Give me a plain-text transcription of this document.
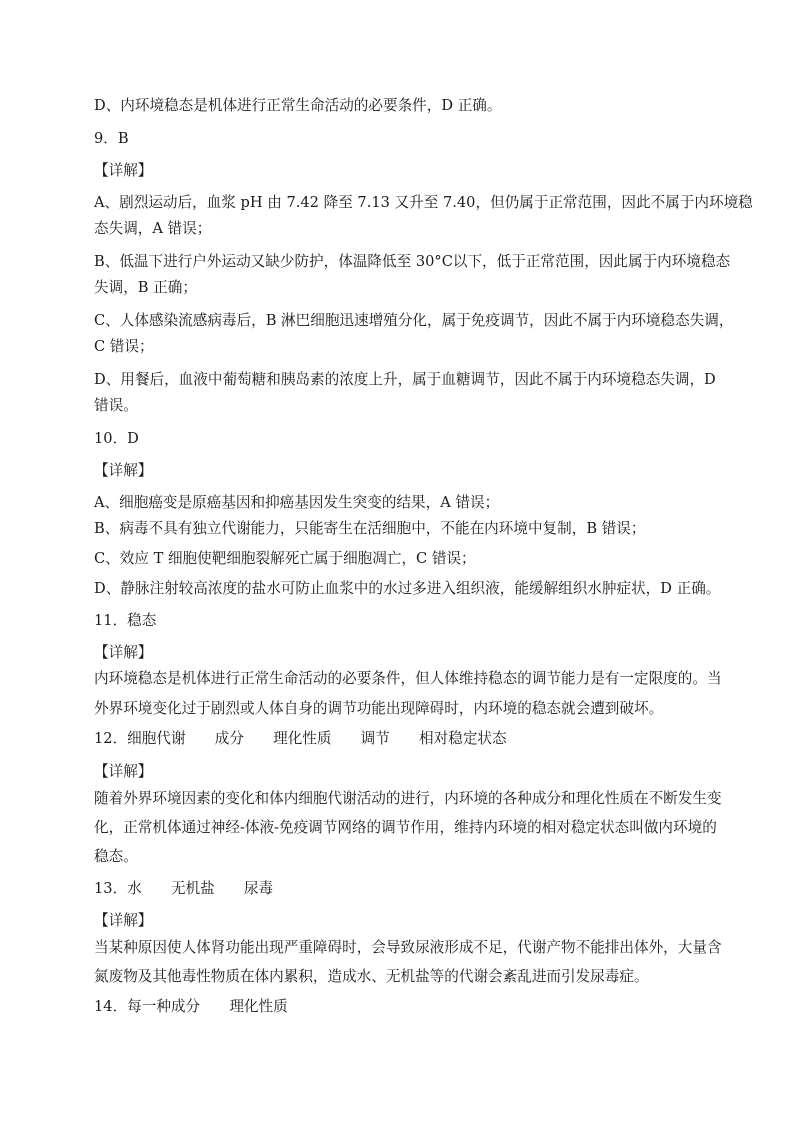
D、内环境稳态是机体进行正常生命活动的必要条件，D 正确。
9．B
【详解】
A、剧烈运动后，血浆 pH 由 7.42 降至 7.13 又升至 7.40，但仍属于正常范围，因此不属于内环境稳
态失调，A 错误；
B、低温下进行户外运动又缺少防护，体温降低至 30°C以下，低于正常范围，因此属于内环境稳态
失调，B 正确；
C、人体感染流感病毒后，B 淋巴细胞迅速增殖分化，属于免疫调节，因此不属于内环境稳态失调，
C 错误；
D、用餐后，血液中葡萄糖和胰岛素的浓度上升，属于血糖调节，因此不属于内环境稳态失调，D
错误。
10．D
【详解】
A、细胞癌变是原癌基因和抑癌基因发生突变的结果，A 错误；
B、病毒不具有独立代谢能力，只能寄生在活细胞中，不能在内环境中复制，B 错误；
C、效应 T 细胞使靶细胞裂解死亡属于细胞凋亡，C 错误；
D、静脉注射较高浓度的盐水可防止血浆中的水过多进入组织液，能缓解组织水肿症状，D 正确。
11．稳态
【详解】
内环境稳态是机体进行正常生命活动的必要条件，但人体维持稳态的调节能力是有一定限度的。当
外界环境变化过于剧烈或人体自身的调节功能出现障碍时，内环境的稳态就会遭到破坏。
12．细胞代谢　　成分　　理化性质　　调节　　相对稳定状态
【详解】
随着外界环境因素的变化和体内细胞代谢活动的进行，内环境的各种成分和理化性质在不断发生变
化，正常机体通过神经-体液-免疫调节网络的调节作用，维持内环境的相对稳定状态叫做内环境的
稳态。
13．水　　无机盐　　尿毒
【详解】
当某种原因使人体肾功能出现严重障碍时，会导致尿液形成不足，代谢产物不能排出体外，大量含
氮废物及其他毒性物质在体内累积，造成水、无机盐等的代谢会紊乱进而引发尿毒症。
14．每一种成分　　理化性质
